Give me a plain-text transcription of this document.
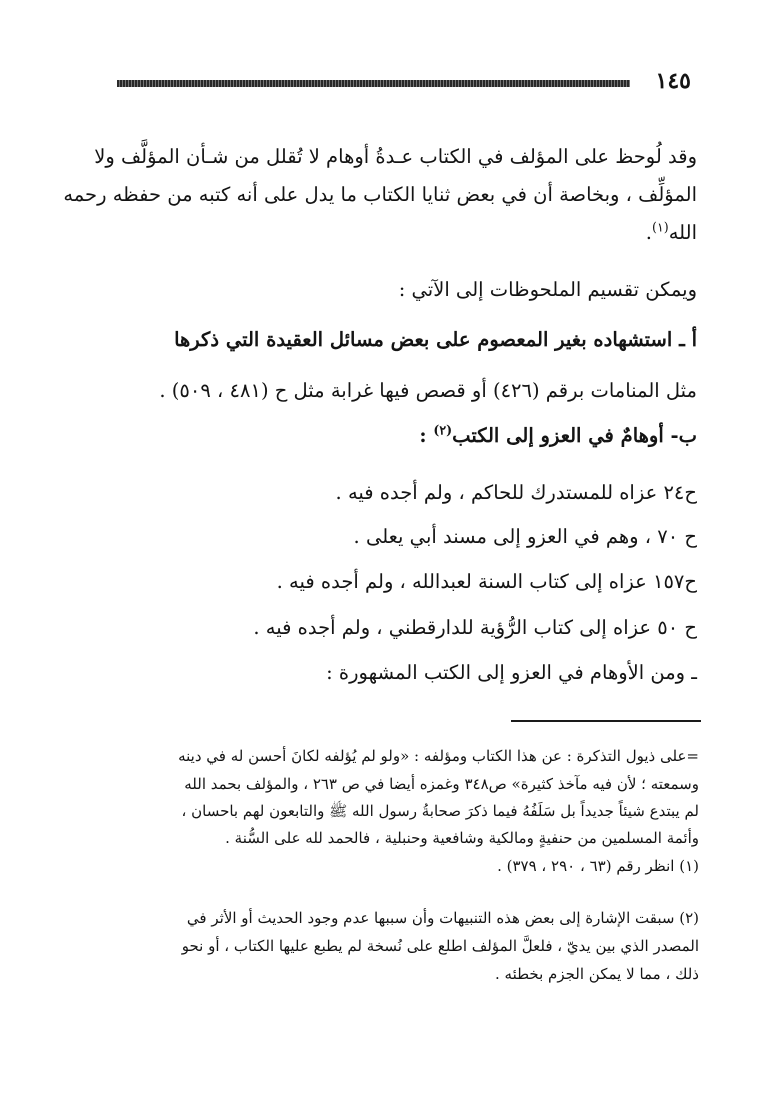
١٤٥
وقد لُوحظ على المؤلف في الكتاب عـدةُ أوهام لا تُقلل من شـأن المؤلَّف ولا
المؤلِّف ، وبخاصة أن في بعض ثنايا الكتاب ما يدل على أنه كتبه من حفظه رحمه
الله$^{(١)}$.
ويمكن تقسيم الملحوظات إلى الآتي :
أ ـ استشهاده بغير المعصوم على بعض مسائل العقيدة التي ذكرها
مثل المنامات برقم (٤٢٦) أو قصص فيها غرابة مثل ح (٤٨١ ، ٥٠٩) .
ب- أوهامٌ في العزو إلى الكتب$^{(٢)}$ :
ح٢٤ عزاه للمستدرك للحاكم ، ولم أجده فيه .
ح ٧٠ ، وهم في العزو إلى مسند أبي يعلى .
ح١٥٧ عزاه إلى كتاب السنة لعبدالله ، ولم أجده فيه .
ح ٥٠ عزاه إلى كتاب الرُّؤية للدارقطني ، ولم أجده فيه .
ـ ومن الأوهام في العزو إلى الكتب المشهورة :
=على ذيول التذكرة : عن هذا الكتاب ومؤلفه : «ولو لم يُؤلفه لكانَ أحسن له في دينه
وسمعته ؛ لأن فيه مآخذ كثيرة» ص٣٤٨ وغمزه أيضا في ص ٢٦٣ ، والمؤلف بحمد الله
لم يبتدع شيئاً جديداً بل سَلَفُهُ فيما ذكرَ صحابةُ رسول الله ﷺ والتابعون لهم باحسان ،
وأئمة المسلمين من حنفيةٍ ومالكية وشافعية وحنبلية ، فالحمد لله على السُّنة .
(١) انظر رقم (٦٣ ، ٢٩٠ ، ٣٧٩) .
(٢) سبقت الإشارة إلى بعض هذه التنبيهات وأن سببها عدم وجود الحديث أو الأثر في
المصدر الذي بين يديّ ، فلعلَّ المؤلف اطلع على نُسخة لم يطبع عليها الكتاب ، أو نحو
ذلك ، مما لا يمكن الجزم بخطئه .
